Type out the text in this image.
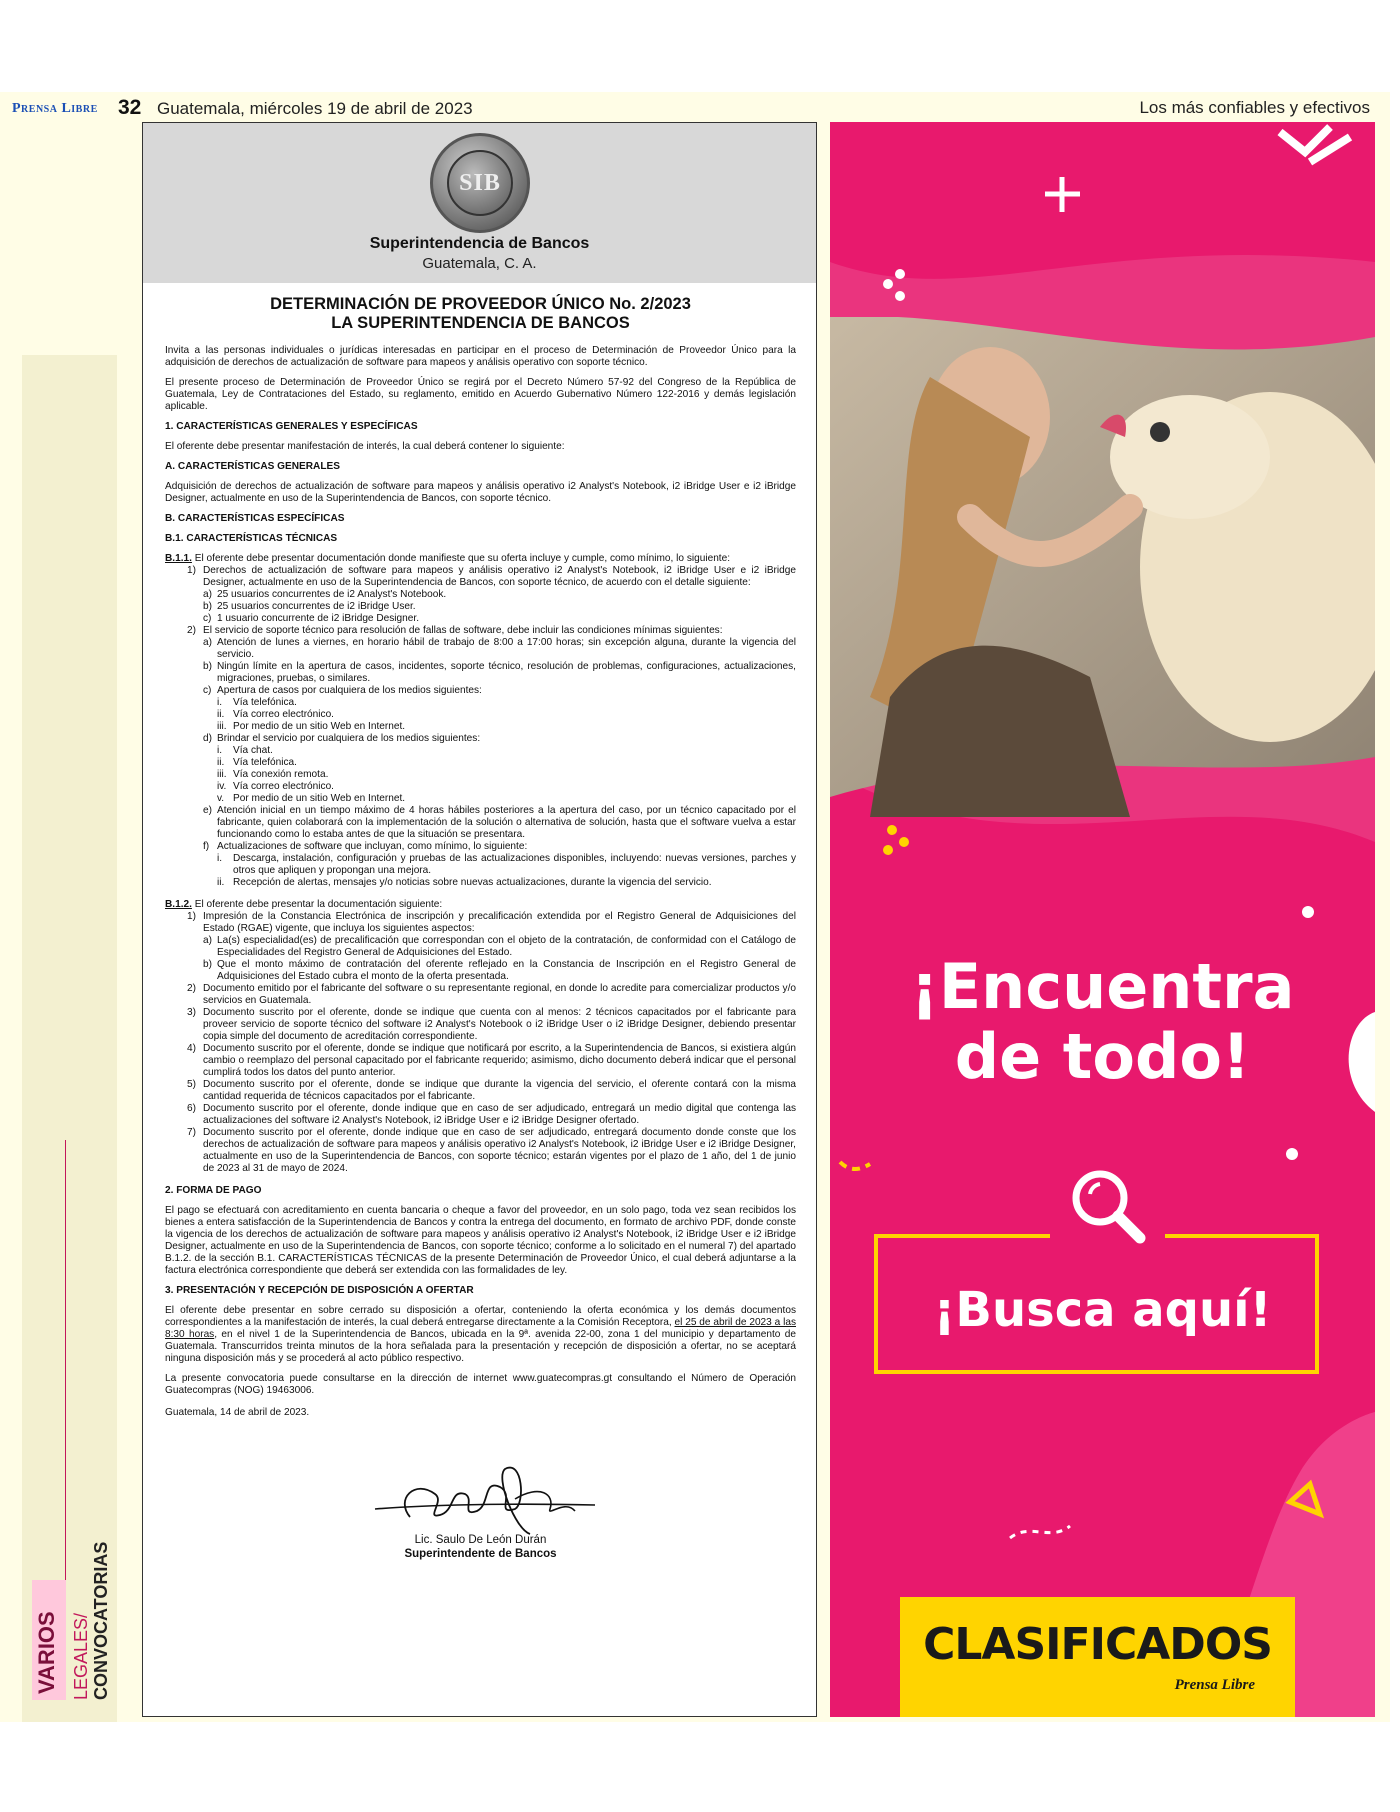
Prensa Libre 32 Guatemala, miércoles 19 de abril de 2023	Los más confiables y efectivos
VARIOS LEGALES/ CONVOCATORIAS
SIB
Superintendencia de Bancos
Guatemala, C. A.
DETERMINACIÓN DE PROVEEDOR ÚNICO No. 2/2023
LA SUPERINTENDENCIA DE BANCOS

Invita a las personas individuales o jurídicas interesadas en participar en el proceso de Determinación de Proveedor Único para la adquisición de derechos de actualización de software para mapeos y análisis operativo con soporte técnico.

El presente proceso de Determinación de Proveedor Único se regirá por el Decreto Número 57-92 del Congreso de la República de Guatemala, Ley de Contrataciones del Estado, su reglamento, emitido en Acuerdo Gubernativo Número 122-2016 y demás legislación aplicable.

1. CARACTERÍSTICAS GENERALES Y ESPECÍFICAS

El oferente debe presentar manifestación de interés, la cual deberá contener lo siguiente:

A. CARACTERÍSTICAS GENERALES

Adquisición de derechos de actualización de software para mapeos y análisis operativo i2 Analyst's Notebook, i2 iBridge User e i2 iBridge Designer, actualmente en uso de la Superintendencia de Bancos, con soporte técnico.

B. CARACTERÍSTICAS ESPECÍFICAS
B.1. CARACTERÍSTICAS TÉCNICAS
B.1.1. El oferente debe presentar documentación donde manifieste que su oferta incluye y cumple, como mínimo, lo siguiente:
1) Derechos de actualización de software para mapeos y análisis operativo i2 Analyst's Notebook, i2 iBridge User e i2 iBridge Designer, actualmente en uso de la Superintendencia de Bancos, con soporte técnico, de acuerdo con el detalle siguiente:
a) 25 usuarios concurrentes de i2 Analyst's Notebook.
b) 25 usuarios concurrentes de i2 iBridge User.
c) 1 usuario concurrente de i2 iBridge Designer.
2) El servicio de soporte técnico para resolución de fallas de software, debe incluir las condiciones mínimas siguientes:
a) Atención de lunes a viernes, en horario hábil de trabajo de 8:00 a 17:00 horas; sin excepción alguna, durante la vigencia del servicio.
b) Ningún límite en la apertura de casos, incidentes, soporte técnico, resolución de problemas, configuraciones, actualizaciones, migraciones, pruebas, o similares.
c) Apertura de casos por cualquiera de los medios siguientes:
i.	Vía telefónica.
ii. Vía correo electrónico.
iii. Por medio de un sitio Web en Internet.
d) Brindar el servicio por cualquiera de los medios siguientes:
i.	Vía chat.
ii. Vía telefónica.
iii. Vía conexión remota.
iv. Vía correo electrónico.
v. Por medio de un sitio Web en Internet.
e) Atención inicial en un tiempo máximo de 4 horas hábiles posteriores a la apertura del caso, por un técnico capacitado por el fabricante, quien colaborará con la implementación de la solución o alternativa de solución, hasta que el software vuelva a estar funcionando como lo estaba antes de que la situación se presentara.
f) Actualizaciones de software que incluyan, como mínimo, lo siguiente:
i.	Descarga, instalación, configuración y pruebas de las actualizaciones disponibles, incluyendo: nuevas versiones, parches y otros que apliquen y propongan una mejora.
ii. Recepción de alertas, mensajes y/o noticias sobre nuevas actualizaciones, durante la vigencia del servicio.
B.1.2. El oferente debe presentar la documentación siguiente:
1) Impresión de la Constancia Electrónica de inscripción y precalificación extendida por el Registro General de Adquisiciones del Estado (RGAE) vigente, que incluya los siguientes aspectos:
a) La(s) especialidad(es) de precalificación que correspondan con el objeto de la contratación, de conformidad con el Catálogo de Especialidades del Registro General de Adquisiciones del Estado.
b) Que el monto máximo de contratación del oferente reflejado en la Constancia de Inscripción en el Registro General de Adquisiciones del Estado cubra el monto de la oferta presentada.
2) Documento emitido por el fabricante del software o su representante regional, en donde lo acredite para comercializar productos y/o servicios en Guatemala.
3) Documento suscrito por el oferente, donde se indique que cuenta con al menos: 2 técnicos capacitados por el fabricante para proveer servicio de soporte técnico del software i2 Analyst's Notebook o i2 iBridge User o i2 iBridge Designer, debiendo presentar copia simple del documento de acreditación correspondiente.
4) Documento suscrito por el oferente, donde se indique que notificará por escrito, a la Superintendencia de Bancos, si existiera algún cambio o reemplazo del personal capacitado por el fabricante requerido; asimismo, dicho documento deberá indicar que el personal cumplirá todos los datos del punto anterior.
5) Documento suscrito por el oferente, donde se indique que durante la vigencia del servicio, el oferente contará con la misma cantidad requerida de técnicos capacitados por el fabricante.
6) Documento suscrito por el oferente, donde indique que en caso de ser adjudicado, entregará un medio digital que contenga las actualizaciones del software i2 Analyst's Notebook, i2 iBridge User e i2 iBridge Designer ofertado.
7) Documento suscrito por el oferente, donde indique que en caso de ser adjudicado, entregará documento donde conste que los derechos de actualización de software para mapeos y análisis operativo i2 Analyst's Notebook, i2 iBridge User e i2 iBridge Designer, actualmente en uso de la Superintendencia de Bancos, con soporte técnico; estarán vigentes por el plazo de 1 año, del 1 de junio de 2023 al 31 de mayo de 2024.
2. FORMA DE PAGO

El pago se efectuará con acreditamiento en cuenta bancaria o cheque a favor del proveedor, en un solo pago, toda vez sean recibidos los bienes a entera satisfacción de la Superintendencia de Bancos y contra la entrega del documento, en formato de archivo PDF, donde conste la vigencia de los derechos de actualización de software para mapeos y análisis operativo i2 Analyst's Notebook, i2 iBridge User e i2 iBridge Designer, actualmente en uso de la Superintendencia de Bancos, con soporte técnico; conforme a lo solicitado en el numeral 7) del apartado B.1.2. de la sección B.1. CARACTERÍSTICAS TÉCNICAS de la presente Determinación de Proveedor Único, el cual deberá adjuntarse a la factura electrónica correspondiente que deberá ser extendida con las formalidades de ley.

3. PRESENTACIÓN Y RECEPCIÓN DE DISPOSICIÓN A OFERTAR

El oferente debe presentar en sobre cerrado su disposición a ofertar, conteniendo la oferta económica y los demás documentos correspondientes a la manifestación de interés, la cual deberá entregarse directamente a la Comisión Receptora, el 25 de abril de 2023 a las 8:30 horas, en el nivel 1 de la Superintendencia de Bancos, ubicada en la 9ª. avenida 22-00, zona 1 del municipio y departamento de Guatemala. Transcurridos treinta minutos de la hora señalada para la presentación y recepción de disposición a ofertar, no se aceptará ninguna disposición más y se procederá al acto público respectivo.

La presente convocatoria puede consultarse en la dirección de internet www.guatecompras.gt consultando el Número de Operación Guatecompras (NOG) 19463006.

Guatemala, 14 de abril de 2023.

Lic. Saulo De León Durán
Superintendente de Bancos
¡Encuentra
de todo!
¡Busca aquí!
CLASIFICADOS
Prensa Libre
